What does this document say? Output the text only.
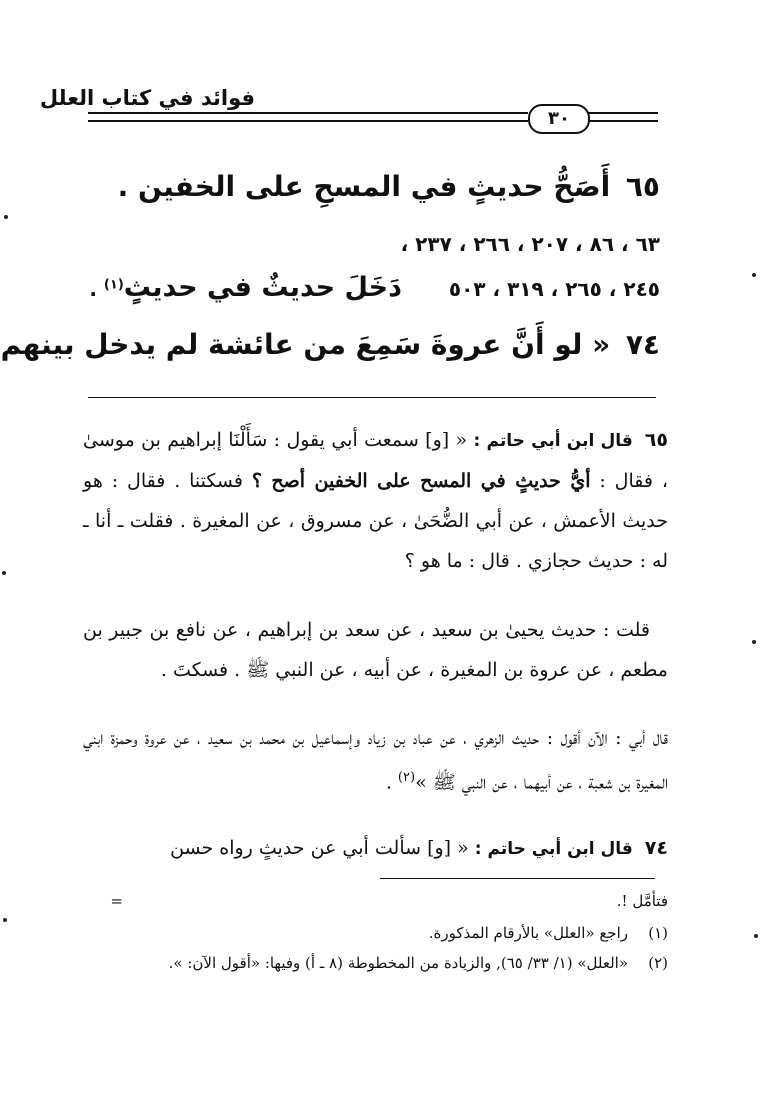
فوائد في كتاب العلل
٣٠
٦٥ أَصَحُّ حديثٍ في المسحِ على الخفين .
٦٣ ، ٨٦ ، ٢٠٧ ، ٢٦٦ ، ٢٣٧ ،
٢٤٥ ، ٢٦٥ ، ٣١٩ ، ٥٠٣ دَخَلَ حديثٌ في حديثٍ$^{(١)}$ .
٧٤ « لو أَنَّ عروةَ سَمِعَ من عائشة لم يدخل بينهم
٦٥قال ابن أبي حاتم : « [و] سمعت أبي يقول : سَأَلْنَا إبراهيم بن موسىٰ ، فقال : أيُّ حديثٍ في المسح على الخفين أصح ؟ فسكتنا . فقال : هو حديث الأعمش ، عن أبي الضُّحَىٰ ، عن مسروق ، عن المغيرة . فقلت ـ أنا ـ له : حديث حجازي . قال : ما هو ؟
قلت : حديث يحيىٰ بن سعيد ، عن سعد بن إبراهيم ، عن نافع بن جبير بن مطعم ، عن عروة بن المغيرة ، عن أبيه ، عن النبي ﷺ . فسكتَ .
قال أبي : الآن أقول : حديث الزهري ، عن عباد بن زياد وإسماعيل بن محمد بن سعيد ، عن عروة وحمزة ابني المغيرة بن شعبة ، عن أبيهما ، عن النبي ﷺ »$^{(٢)}$ .
٧٤قال ابن أبي حاتم : « [و] سألت أبي عن حديثٍ رواه حسن
فتأمَّل !.
=
(١)راجع «العلل» بالأرقام المذكورة.
(٢)«العلل» (١/ ٣٣/ ٦٥), والزيادة من المخطوطة (٨ ـ أ) وفيها: «أقول الآن: ».
